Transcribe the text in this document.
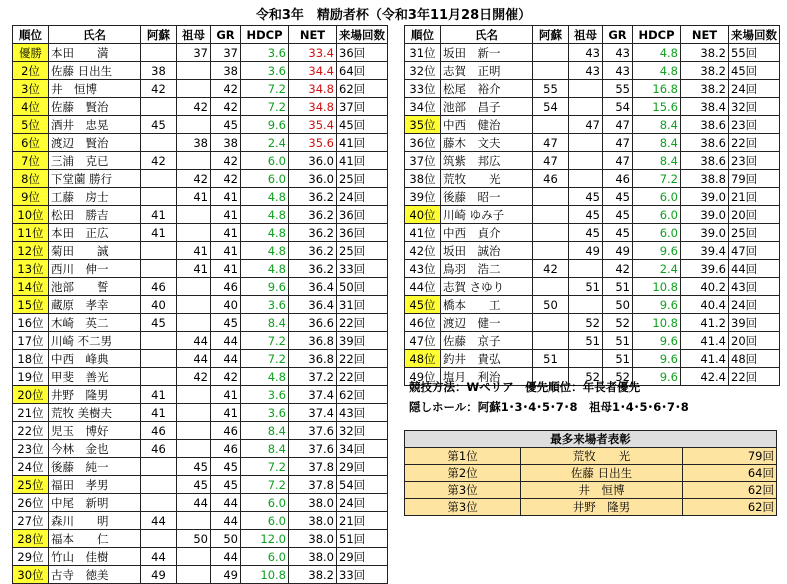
令和3年　精励者杯（令和3年11月28日開催）
順位	氏名	阿蘇	祖母	GR	HDCP	NET	来場回数
優勝	本田　　満		37	37	3.6	33.4	36回
2位	佐藤 日出生	38		38	3.6	34.4	64回
3位	井　恒博	42		42	7.2	34.8	62回
4位	佐藤　賢治		42	42	7.2	34.8	37回
5位	酒井　忠晃	45		45	9.6	35.4	45回
6位	渡辺　賢治		38	38	2.4	35.6	41回
7位	三浦　克已	42		42	6.0	36.0	41回
8位	下堂薗 勝行		42	42	6.0	36.0	25回
9位	工藤　房士		41	41	4.8	36.2	24回
10位	松田　勝吉	41		41	4.8	36.2	36回
11位	本田　正広	41		41	4.8	36.2	36回
12位	菊田　　誠		41	41	4.8	36.2	25回
13位	西川　伸一		41	41	4.8	36.2	33回
14位	池部　　誓	46		46	9.6	36.4	50回
15位	蔵原　孝幸	40		40	3.6	36.4	31回
16位	木崎　英二	45		45	8.4	36.6	22回
17位	川崎 不二男		44	44	7.2	36.8	39回
18位	中西　峰典		44	44	7.2	36.8	22回
19位	甲斐　善光		42	42	4.8	37.2	22回
20位	井野　隆男	41		41	3.6	37.4	62回
21位	荒牧 美樹夫	41		41	3.6	37.4	43回
22位	児玉　博好	46		46	8.4	37.6	32回
23位	今林　金也	46		46	8.4	37.6	34回
24位	後藤　純一		45	45	7.2	37.8	29回
25位	福田　孝男		45	45	7.2	37.8	54回
26位	中尾　新明		44	44	6.0	38.0	24回
27位	森川　　明	44		44	6.0	38.0	21回
28位	福本　　仁		50	50	12.0	38.0	51回
29位	竹山　佳樹	44		44	6.0	38.0	29回
30位	古寺　徳美	49		49	10.8	38.2	33回
順位	氏名	阿蘇	祖母	GR	HDCP	NET	来場回数
31位	坂田　新一		43	43	4.8	38.2	55回
32位	志賀　正明		43	43	4.8	38.2	45回
33位	松尾　裕介	55		55	16.8	38.2	24回
34位	池部　昌子	54		54	15.6	38.4	32回
35位	中西　健治		47	47	8.4	38.6	23回
36位	藤木　文夫	47		47	8.4	38.6	22回
37位	筑紫　邦広	47		47	8.4	38.6	23回
38位	荒牧　　光	46		46	7.2	38.8	79回
39位	後藤　昭一		45	45	6.0	39.0	21回
40位	川崎 ゆみ子		45	45	6.0	39.0	20回
41位	中西　貞介		45	45	6.0	39.0	25回
42位	坂田　誠治		49	49	9.6	39.4	47回
43位	鳥羽　浩二	42		42	2.4	39.6	44回
44位	志賀 さゆり		51	51	10.8	40.2	43回
45位	橋本　　工	50		50	9.6	40.4	24回
46位	渡辺　健一		52	52	10.8	41.2	39回
47位	佐藤　京子		51	51	9.6	41.4	20回
48位	釣井　貴弘	51		51	9.6	41.4	48回
49位	塩月　利治		52	52	9.6	42.4	22回
競技方法：Wペリア　優先順位：年長者優先
隠しホール：阿蘇1･3･4･5･7･8　祖母1･4･5･6･7･8
最多来場者表彰		
第1位	荒牧　　光	79回
第2位	佐藤 日出生	64回
第3位	井　恒博	62回
第3位	井野　隆男	62回
